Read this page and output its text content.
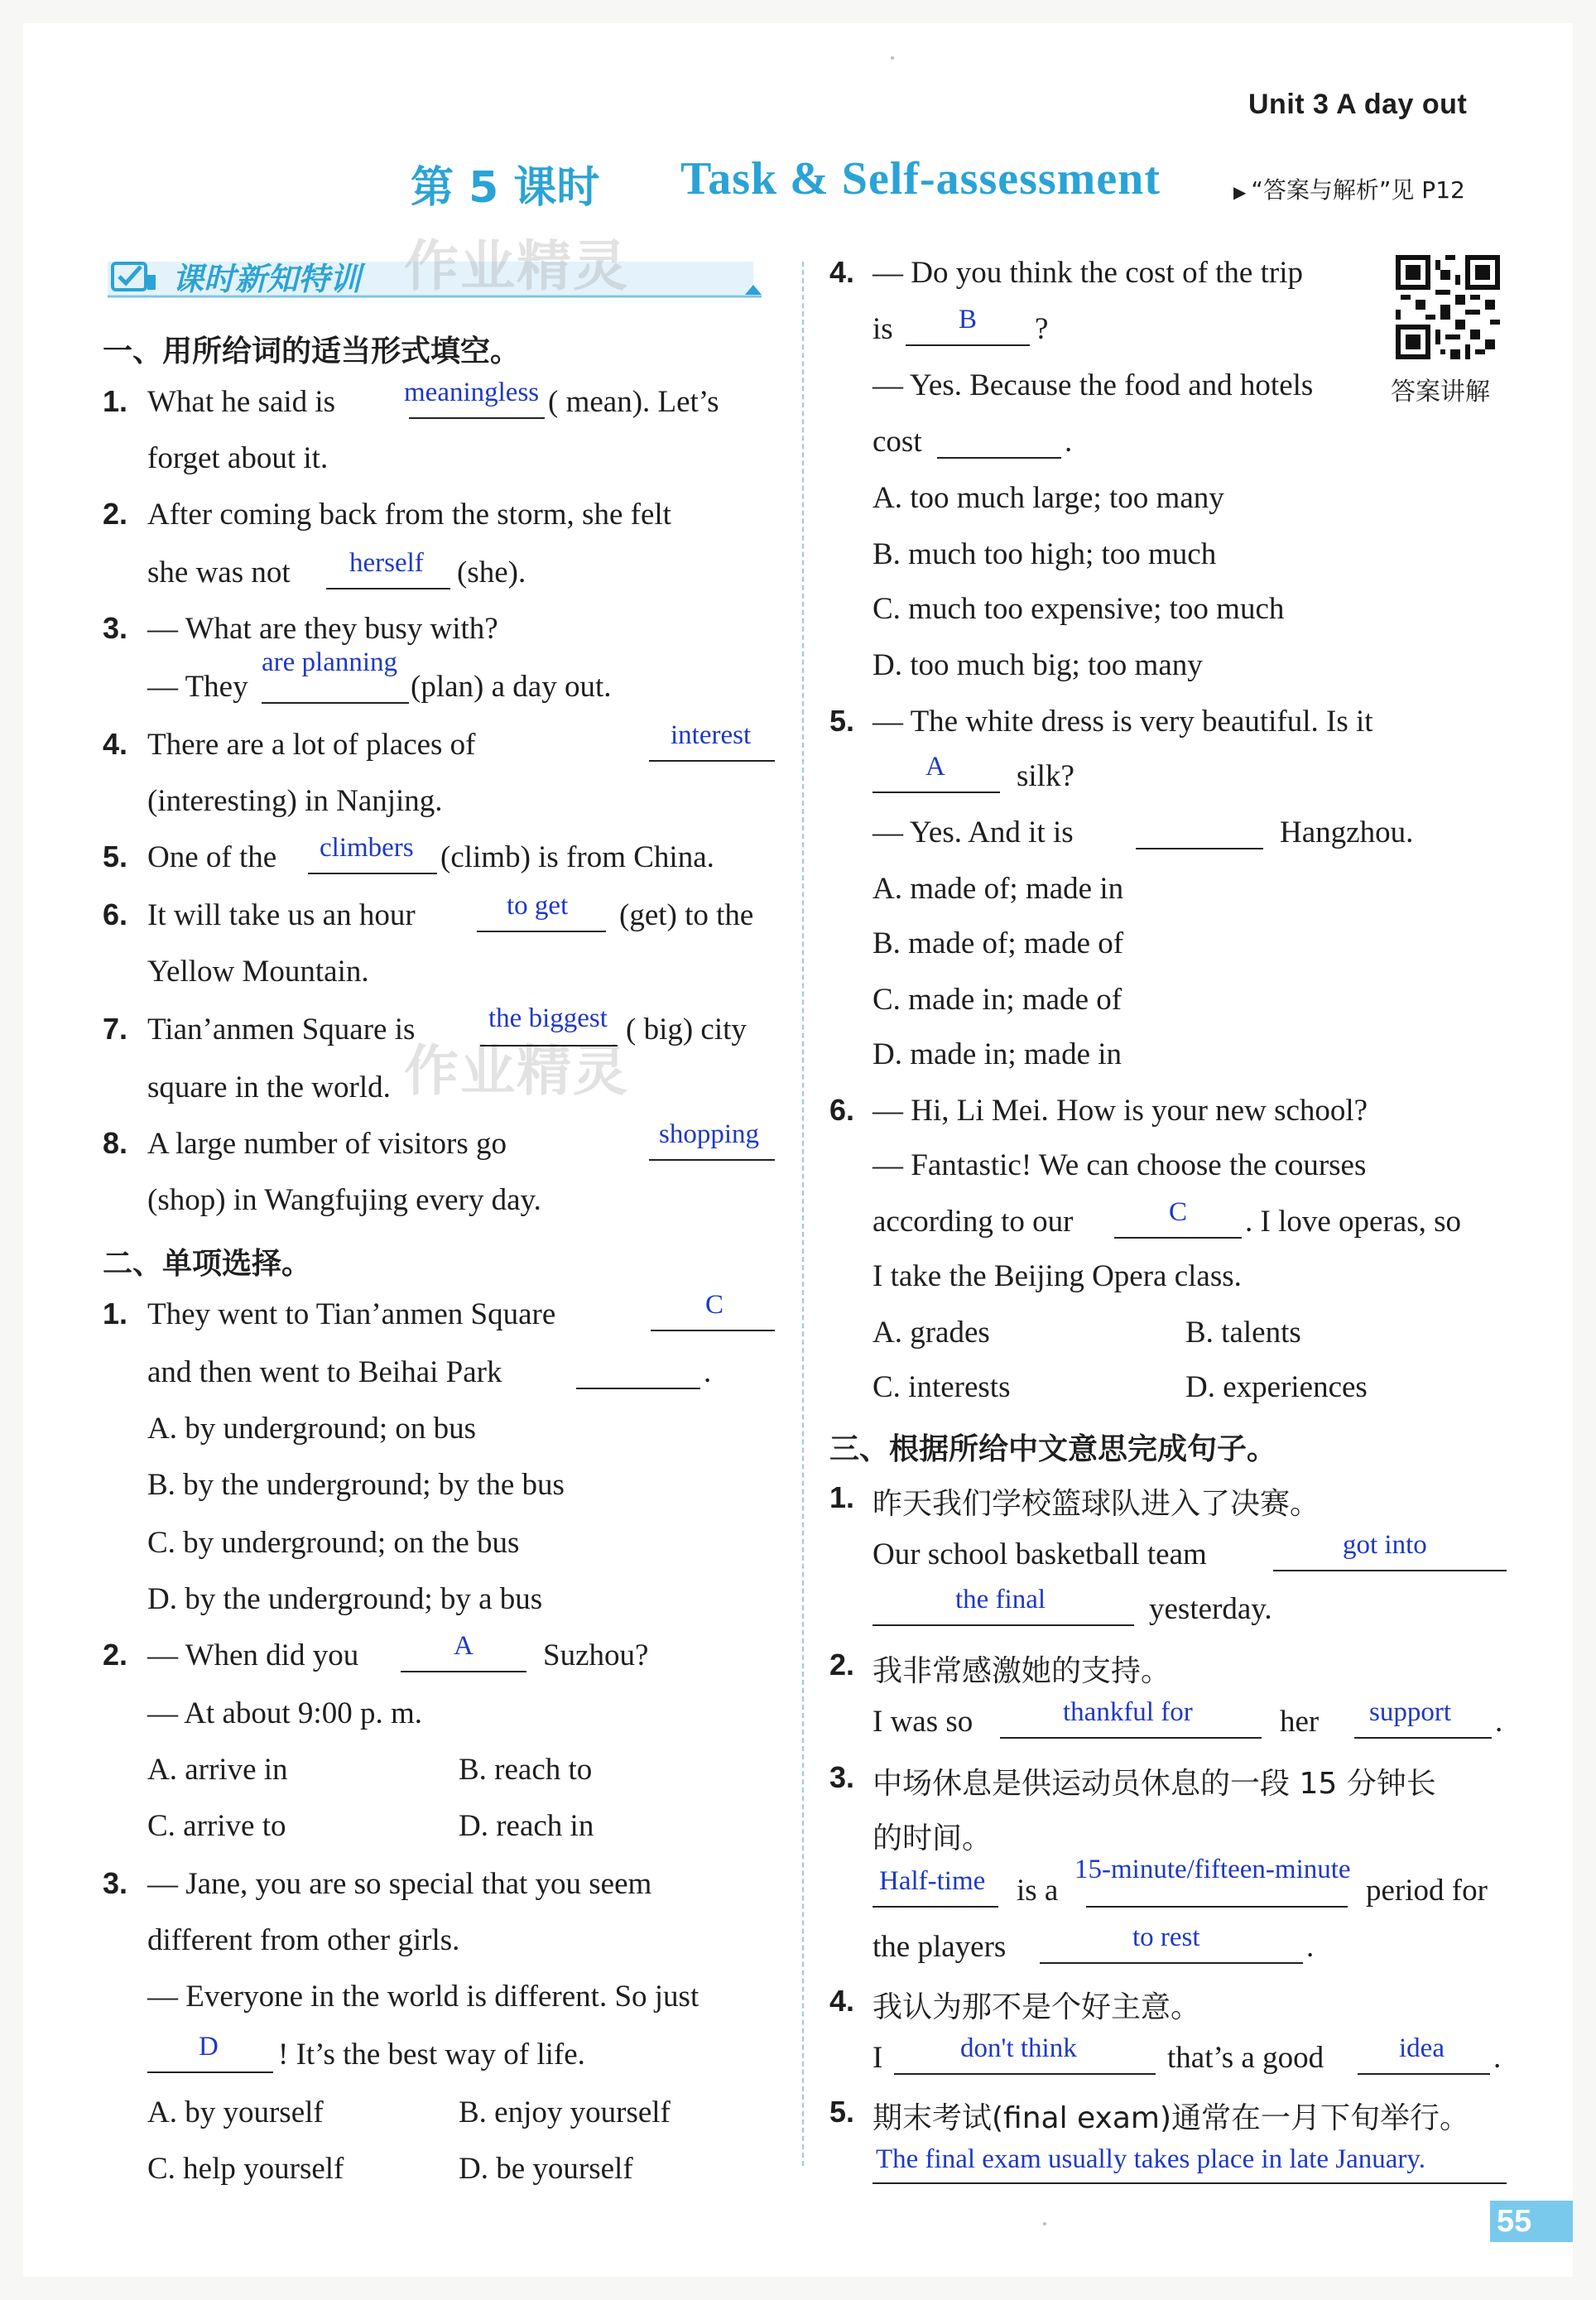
Unit 3 A day out
第 5 课时 Task & Self-assessment	▶ “答案与解析”见 P12
课时新知特训 作业精灵
作业精灵
一、用所给词的适当形式填空。
1. What he said is	meaningless ( mean). Let’s
forget about it.
2. After coming back from the storm, she felt
she was not herself (she).
3. — What are they busy with?
— They
are planning
(plan) a day out.
4. There are a lot of places of	interest
(interesting) in Nanjing.
5. One of the climbers (climb) is from China.
6. It will take us an hour	to get (get) to the
Yellow Mountain.
7. Tian’anmen Square is	the biggest ( big) city
square in the world.
8. A large number of visitors go	shopping
(shop) in Wangfujing every day.
二、单项选择。
1. They went to Tian’anmen Square	C
and then went to Beihai Park	.
A. by underground; on bus
B. by the underground; by the bus
C. by underground; on the bus
D. by the underground; by a bus
2. — When did you	A Suzhou?
— At about 9:00 p. m.
A. arrive in	B. reach to
C. arrive to	D. reach in
3. — Jane, you are so special that you seem
different from other girls.
— Everyone in the world is different. So just
D ! It’s the best way of life.
A. by yourself	B. enjoy yourself
C. help yourself	D. be yourself
4. — Do you think the cost of the trip
答案讲解
is B ?
— Yes. Because the food and hotels
cost	.
A. too much large; too many
B. much too high; too much
C. much too expensive; too much
D. too much big; too many
5. — The white dress is very beautiful. Is it
A silk?
— Yes. And it is	Hangzhou.
A. made of; made in
B. made of; made of
C. made in; made of
D. made in; made in
6. — Hi, Li Mei. How is your new school?
— Fantastic! We can choose the courses
according to our	C . I love operas, so
I take the Beijing Opera class.
A. grades	B. talents
C. interests	D. experiences
三、根据所给中文意思完成句子。
1. 昨天我们学校篮球队进入了决赛。
Our school basketball team	got into
the final	yesterday.
2. 我非常感激她的支持。
I was so	thankful for	her support .
3. 中场休息是供运动员休息的一段 15 分钟长
的时间。
Half-time is a
15-minute/fifteen-minute
period for
the players	to rest	.
4. 我认为那不是个好主意。
I	don't think	that’s a good	idea .
5. 期末考试(final exam)通常在一月下旬举行。
The final exam usually takes place in late January.
55
